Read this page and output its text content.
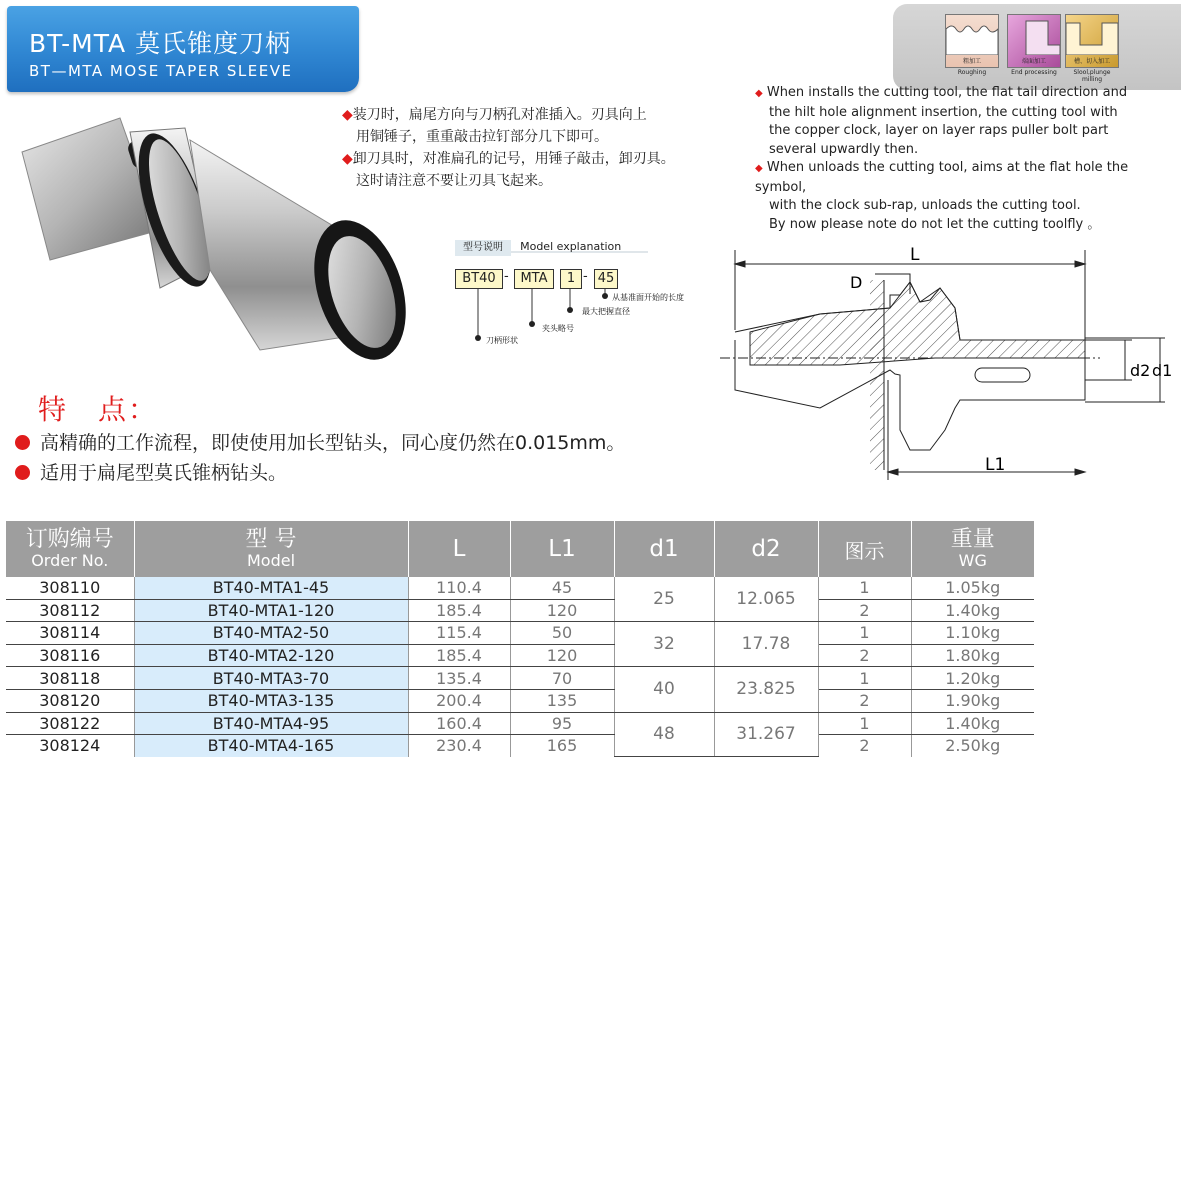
BT-MTA 莫氏锥度刀柄
BT—MTA MOSE TAPER SLEEVE
粗加工
Roughing
端面加工
End processing
槽、切入加工
Slool,plunge milling
◆装刀时，扁尾方向与刀柄孔对准插入。刃具向上
用铜锤子，重重敲击拉钉部分几下即可。
◆卸刀具时，对准扁孔的记号，用锤子敲击，卸刃具。
这时请注意不要让刃具飞起来。
◆ When installs the cutting tool, the flat tail direction and
the hilt hole alignment insertion, the cutting tool with
the copper clock, layer on layer raps puller bolt part
several upwardly then.
◆ When unloads the cutting tool, aims at the flat hole the symbol,
with the clock sub-rap, unloads the cutting tool.
By now please note do not let the cutting toolfly 。
型号说明 Model explanation
BT40 - MTA	1 - 45
从基准面开始的长度
最大把握直径
夹头略号
刀柄形状
L
D
d2 d1
L1
特　点：
高精确的工作流程，即使使用加长型钻头，同心度仍然在0.015mm。
适用于扁尾型莫氏锥柄钻头。
订购编号
Order No.	型 号
Model	L	L1	d1	d2	图示	重量
WG

308110	BT40-MTA1-45	110.4	45	25	12.065	1	1.05kg
308112	BT40-MTA1-120	185.4	120			2	1.40kg
308114	BT40-MTA2-50	115.4	50	32	17.78	1	1.10kg
308116	BT40-MTA2-120	185.4	120			2	1.80kg
308118	BT40-MTA3-70	135.4	70	40	23.825	1	1.20kg
308120	BT40-MTA3-135	200.4	135			2	1.90kg
308122	BT40-MTA4-95	160.4	95	48	31.267	1	1.40kg
308124	BT40-MTA4-165	230.4	165			2	2.50kg
